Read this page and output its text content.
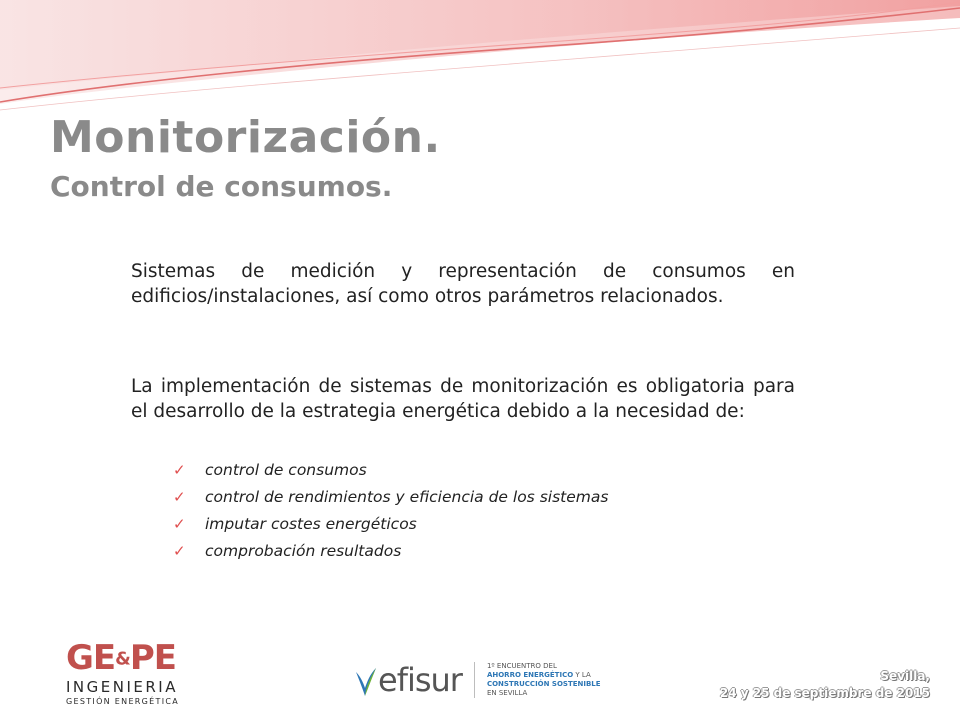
Monitorización.
Control de consumos.
Sistemas de medición y representación de consumos en edificios/instalaciones, así como otros parámetros relacionados.
La implementación de sistemas de monitorización es obligatoria para el desarrollo de la estrategia energética debido a la necesidad de:
✓	control de consumos
✓	control de rendimientos y eficiencia de los sistemas
✓	imputar costes energéticos
✓	comprobación resultados
GE&PE
INGENIERIA
GESTIÓN ENERGÉTICA
efisur	1º ENCUENTRO DEL
AHORRO ENERGÉTICO Y LA
CONSTRUCCIÓN SOSTENIBLE
EN SEVILLA
Sevilla,
24 y 25 de septiembre de 2015
